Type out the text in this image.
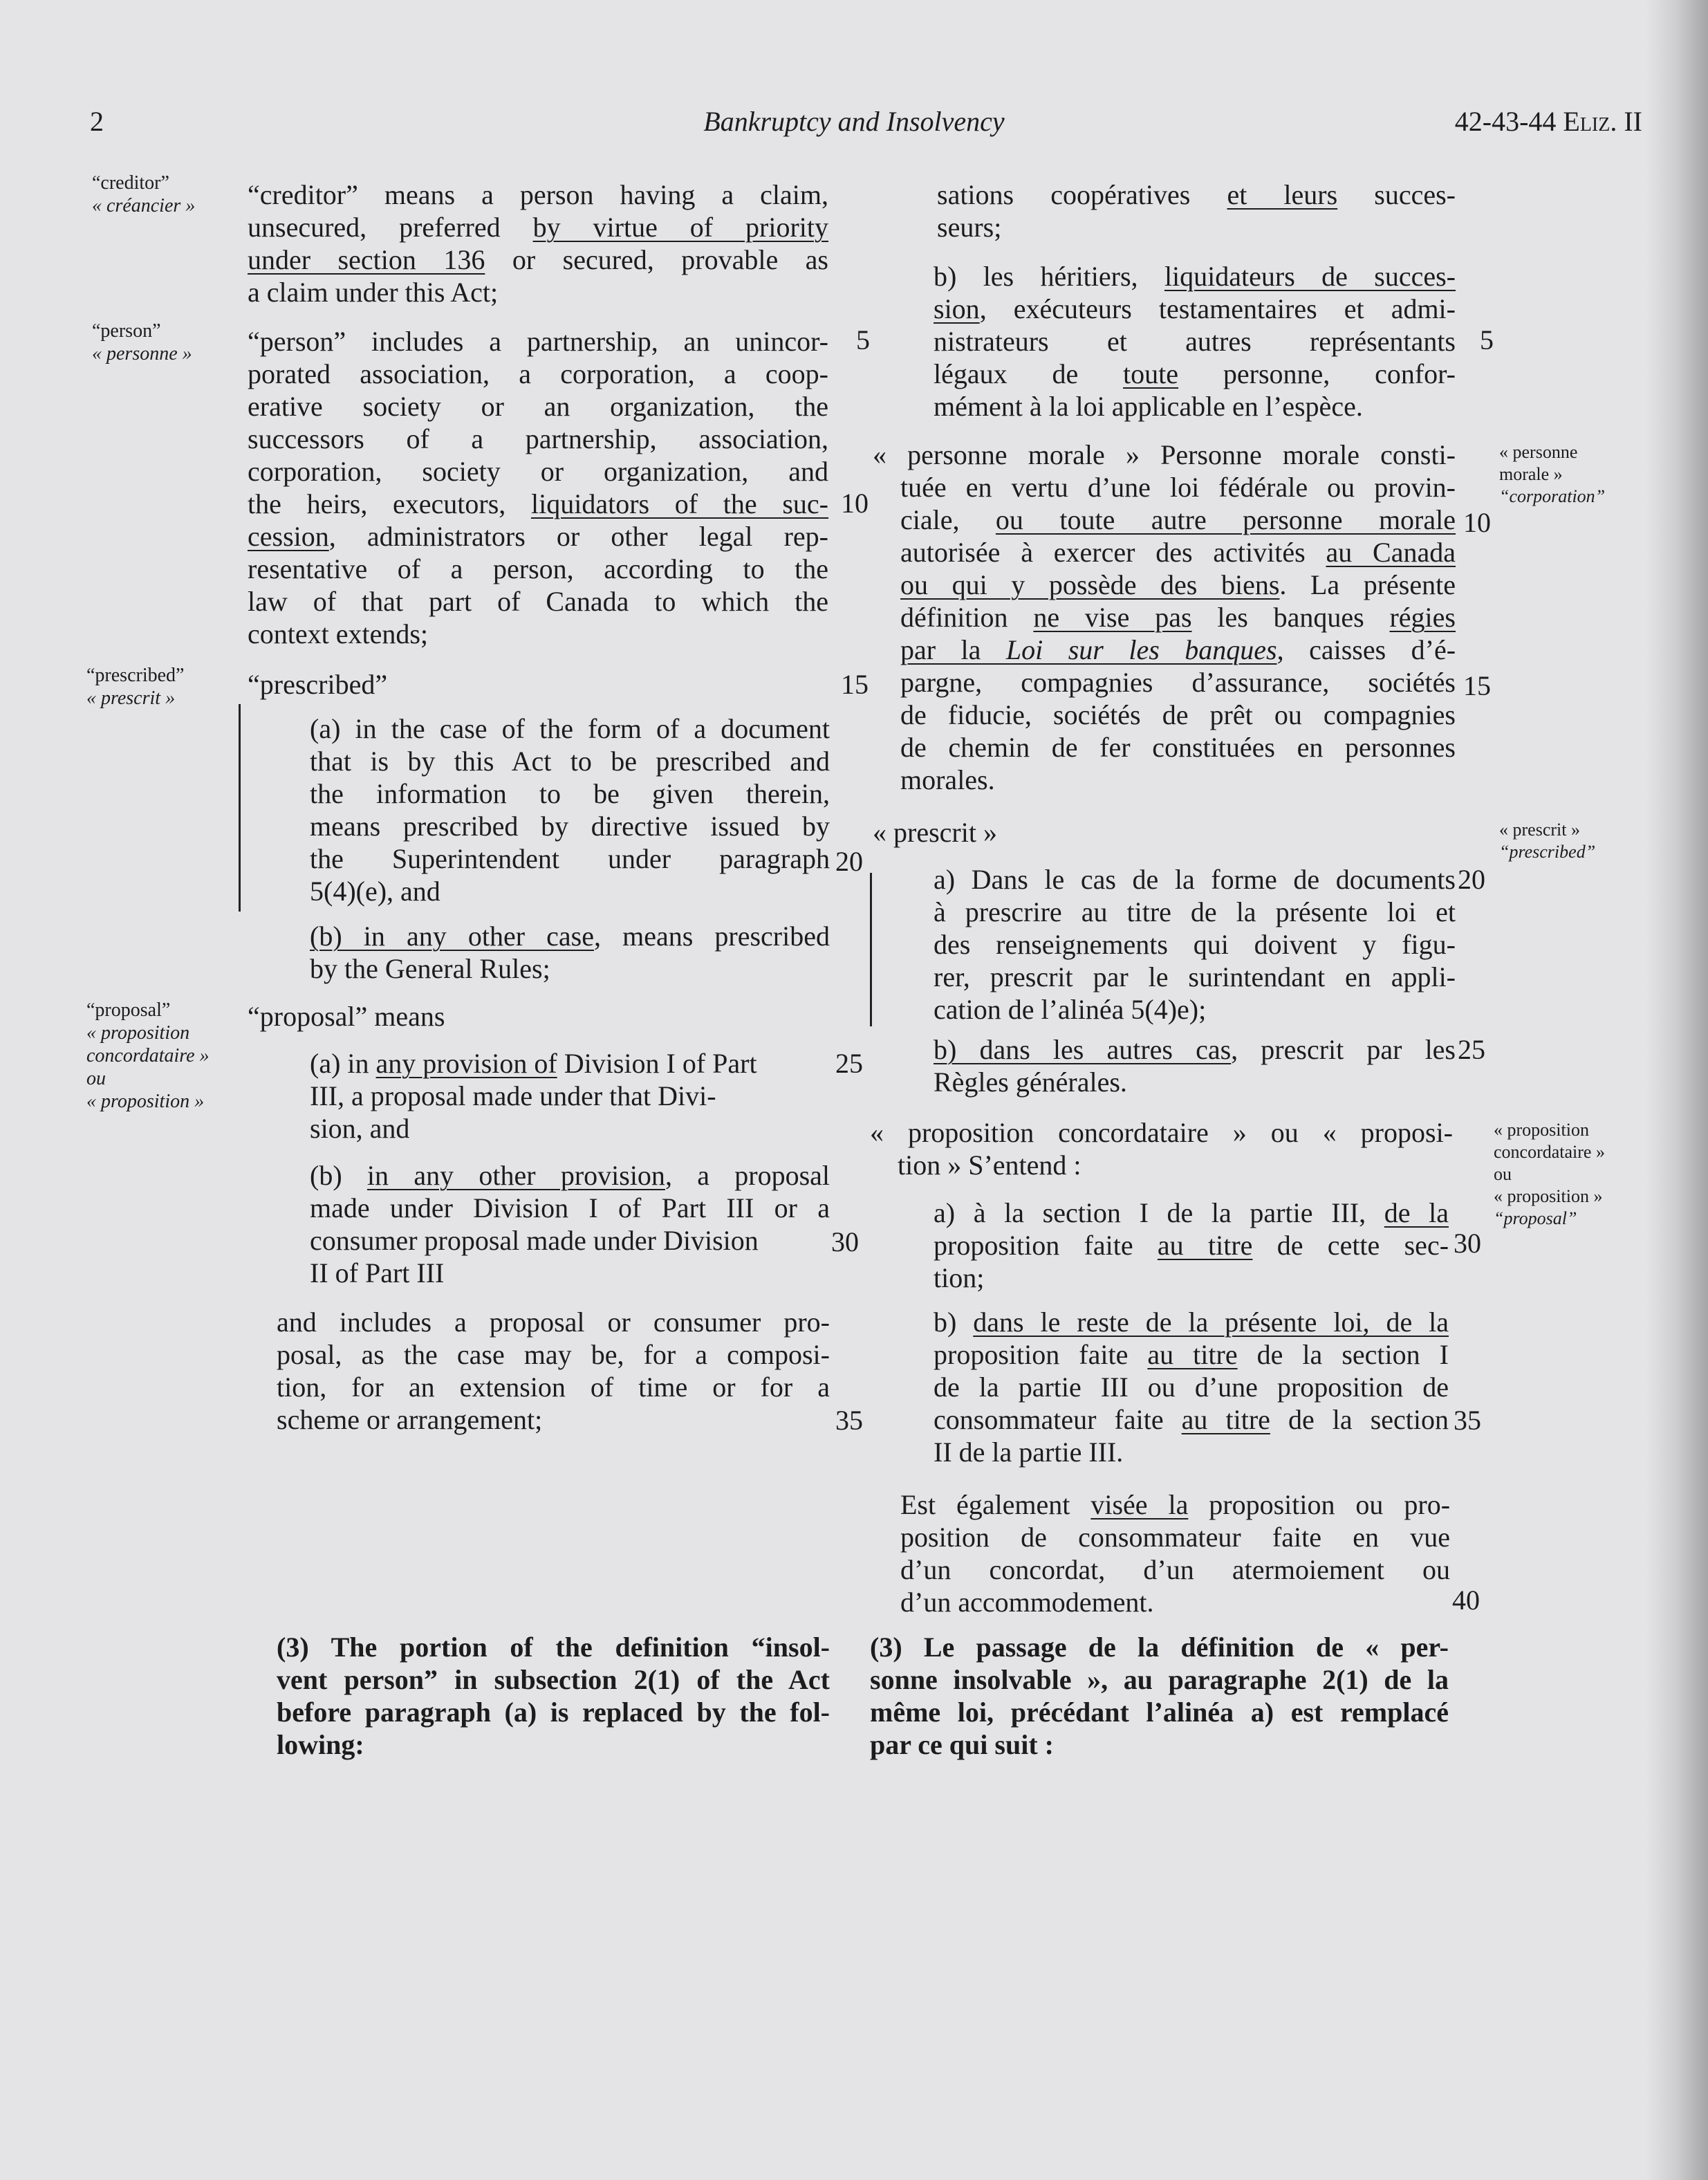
2	Bankruptcy and Insolvency	42-43-44 Eliz. II
“creditor”
« créancier »
“person”
« personne »
“prescribed”
« prescrit »
“proposal”
« proposition
concordataire »
ou
« proposition »
« personne
morale »
“corporation”
« prescrit »
“prescribed”
« proposition
concordataire »
ou
« proposition »
“proposal”
5
10
15
20
25
30
35
5
10
15
20
25
30
35
40
“creditor” means a person having a claim,
unsecured, preferred by virtue of priority
under section 136 or secured, provable as
a claim under this Act;
“person” includes a partnership, an unincor-
porated association, a corporation, a coop-
erative society or an organization, the
successors of a partnership, association,
corporation, society or organization, and
the heirs, executors, liquidators of the suc-
cession, administrators or other legal rep-
resentative of a person, according to the
law of that part of Canada to which the
context extends;
“prescribed”
(a) in the case of the form of a document
that is by this Act to be prescribed and
the information to be given therein,
means prescribed by directive issued by
the Superintendent under paragraph
5(4)(e), and
(b) in any other case, means prescribed
by the General Rules;
“proposal” means
(a) in any provision of Division I of Part
III, a proposal made under that Divi-
sion, and
(b) in any other provision, a proposal
made under Division I of Part III or a
consumer proposal made under Division
II of Part III
and includes a proposal or consumer pro-
posal, as the case may be, for a composi-
tion, for an extension of time or for a
scheme or arrangement;
(3) The portion of the definition “insol-
vent person” in subsection 2(1) of the Act
before paragraph (a) is replaced by the fol-
lowing:
sations coopératives et leurs succes-
seurs;
b) les héritiers, liquidateurs de succes-
sion, exécuteurs testamentaires et admi-
nistrateurs et autres représentants
légaux de toute personne, confor-
mément à la loi applicable en l’espèce.
« personne morale » Personne morale consti-
tuée en vertu d’une loi fédérale ou provin-
ciale, ou toute autre personne morale
autorisée à exercer des activités au Canada
ou qui y possède des biens. La présente
définition ne vise pas les banques régies
par la Loi sur les banques, caisses d’é-
pargne, compagnies d’assurance, sociétés
de fiducie, sociétés de prêt ou compagnies
de chemin de fer constituées en personnes
morales.
« prescrit »
a) Dans le cas de la forme de documents
à prescrire au titre de la présente loi et
des renseignements qui doivent y figu-
rer, prescrit par le surintendant en appli-
cation de l’alinéa 5(4)e);
b) dans les autres cas, prescrit par les
Règles générales.
« proposition concordataire » ou « proposi-
tion » S’entend :
a) à la section I de la partie III, de la
proposition faite au titre de cette sec-
tion;
b) dans le reste de la présente loi, de la
proposition faite au titre de la section I
de la partie III ou d’une proposition de
consommateur faite au titre de la section
II de la partie III.
Est également visée la proposition ou pro-
position de consommateur faite en vue
d’un concordat, d’un atermoiement ou
d’un accommodement.
(3) Le passage de la définition de « per-
sonne insolvable », au paragraphe 2(1) de la
même loi, précédant l’alinéa a) est remplacé
par ce qui suit :
